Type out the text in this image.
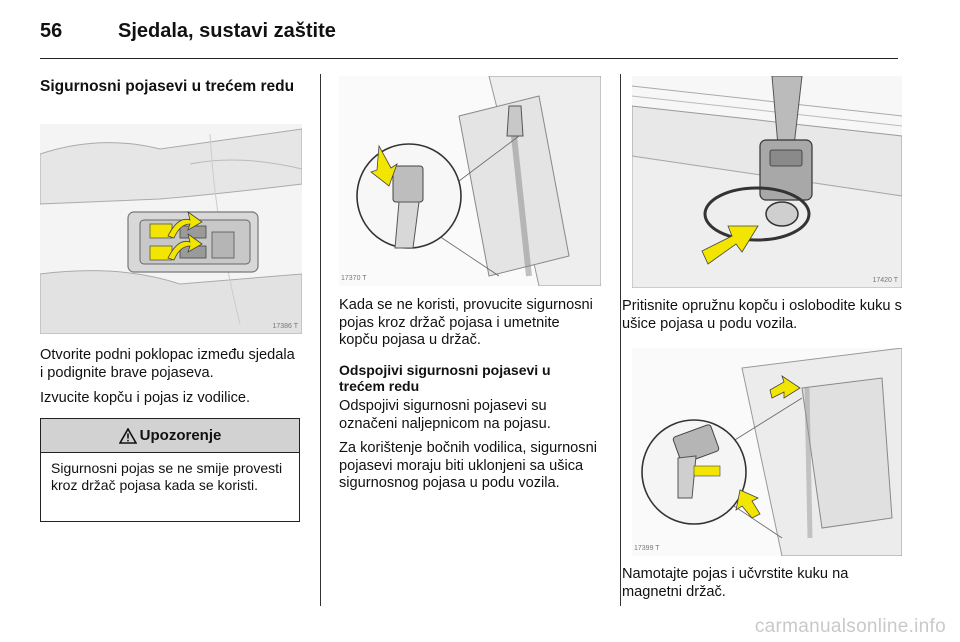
56	Sjedala, sustavi zaštite
Sigurnosni pojasevi u trećem redu
17386 T

Otvorite podni poklopac između sjedala i podignite brave pojaseva.

Izvucite kopču i pojas iz vodilice.

Upozorenje
Sigurnosni pojas se ne smije provesti kroz držač pojasa kada se koristi.
17370 T

Kada se ne koristi, provucite sigurnosni pojas kroz držač pojasa i umetnite kopču pojasa u držač.

Odspojivi sigurnosni pojasevi u trećem redu

Odspojivi sigurnosni pojasevi su označeni naljepnicom na pojasu.

Za korištenje bočnih vodilica, sigurnosni pojasevi moraju biti uklonjeni sa ušica sigurnosnog pojasa u podu vozila.

17420 T

Pritisnite opružnu kopču i oslobodite kuku s ušice pojasa u podu vozila.

17399 T

Namotajte pojas i učvrstite kuku na magnetni držač.

carmanualsonline.info
